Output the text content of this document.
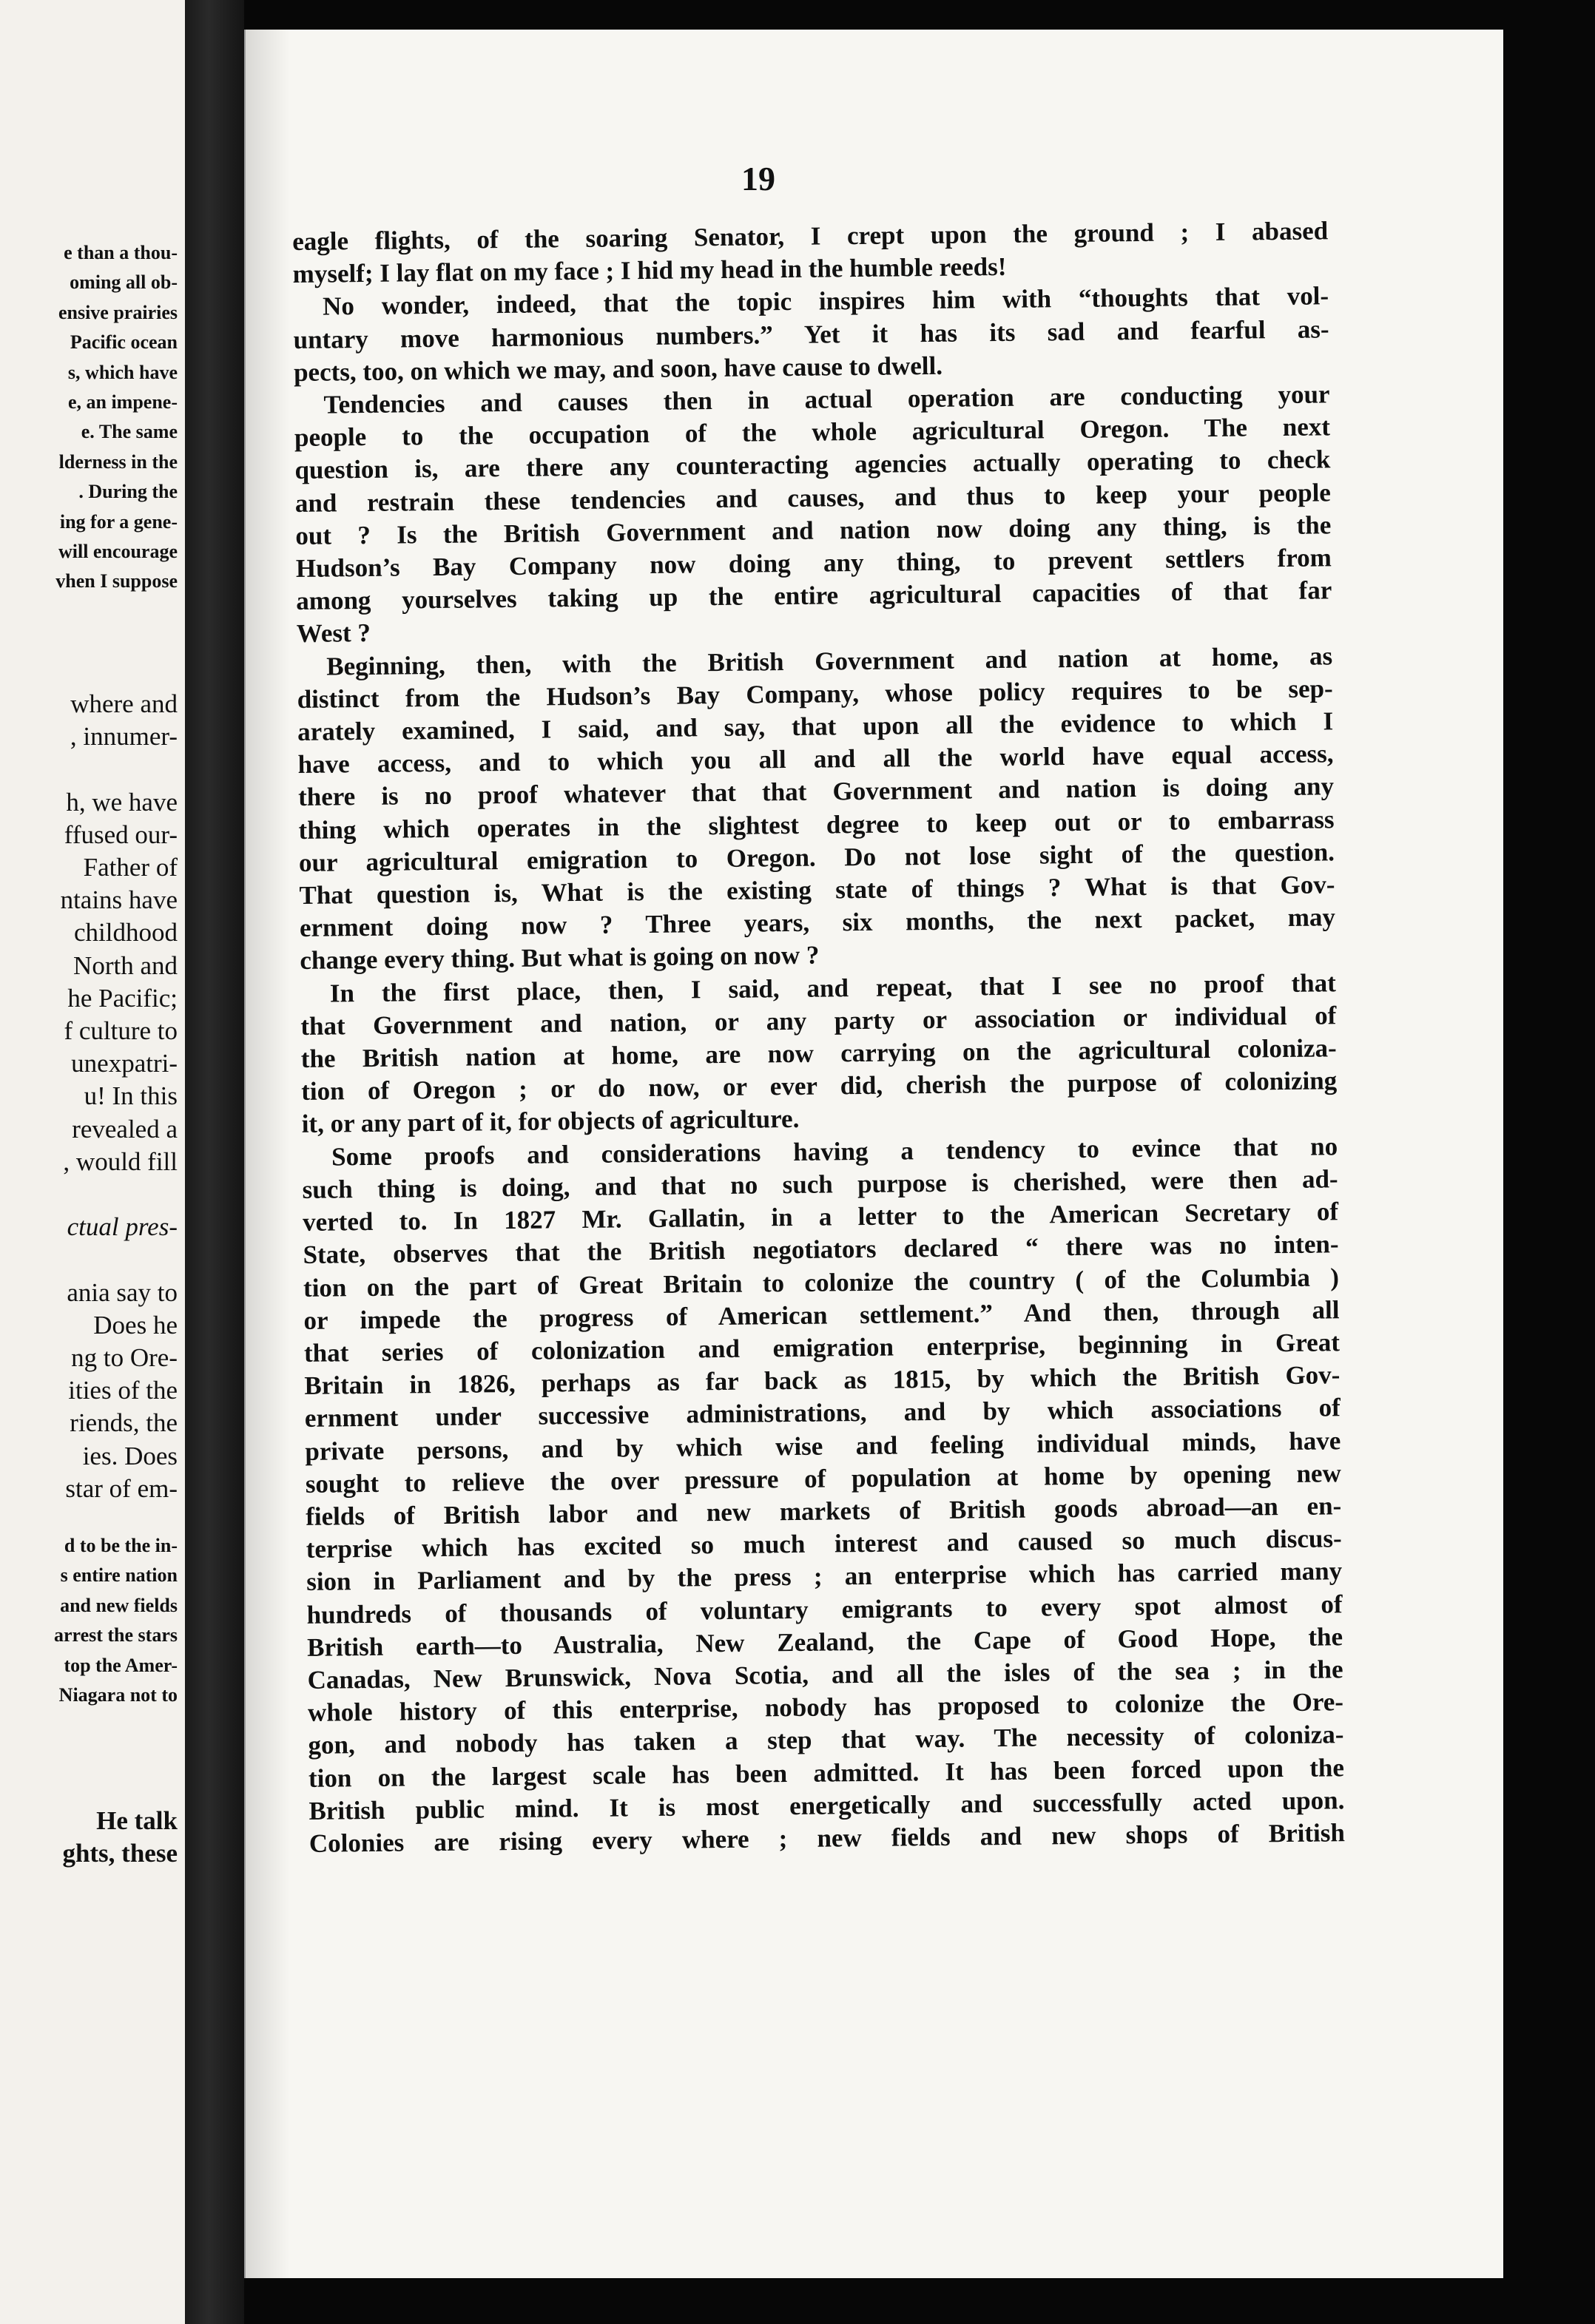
e than a thou-
oming all ob-
ensive prairies
Pacific ocean
s, which have
e, an impene-
e. The same
lderness in the
. During the
ing for a gene-
will encourage
vhen I suppose
where and
, innumer-

h, we have
ffused our-
Father of
ntains have
childhood
North and
he Pacific;
f culture to
unexpatri-
u! In this
revealed a
, would fill

ctual pres-

ania say to
Does he
ng to Ore-
ities of the
riends, the
ies. Does
star of em-
d to be the in-
s entire nation
and new fields
arrest the stars
top the Amer-
Niagara not to
He talk
ghts, these
19
eagle flights, of the soaring Senator, I crept upon the ground ; I abased
myself; I lay flat on my face ; I hid my head in the humble reeds!
No wonder, indeed, that the topic inspires him with “thoughts that vol-
untary move harmonious numbers.” Yet it has its sad and fearful as-
pects, too, on which we may, and soon, have cause to dwell.
Tendencies and causes then in actual operation are conducting your
people to the occupation of the whole agricultural Oregon. The next
question is, are there any counteracting agencies actually operating to check
and restrain these tendencies and causes, and thus to keep your people
out ? Is the British Government and nation now doing any thing, is the
Hudson’s Bay Company now doing any thing, to prevent settlers from
among yourselves taking up the entire agricultural capacities of that far
West ?
Beginning, then, with the British Government and nation at home, as
distinct from the Hudson’s Bay Company, whose policy requires to be sep-
arately examined, I said, and say, that upon all the evidence to which I
have access, and to which you all and all the world have equal access,
there is no proof whatever that that Government and nation is doing any
thing which operates in the slightest degree to keep out or to embarrass
our agricultural emigration to Oregon. Do not lose sight of the question.
That question is, What is the existing state of things ? What is that Gov-
ernment doing now ? Three years, six months, the next packet, may
change every thing. But what is going on now ?
In the first place, then, I said, and repeat, that I see no proof that
that Government and nation, or any party or association or individual of
the British nation at home, are now carrying on the agricultural coloniza-
tion of Oregon ; or do now, or ever did, cherish the purpose of colonizing
it, or any part of it, for objects of agriculture.
Some proofs and considerations having a tendency to evince that no
such thing is doing, and that no such purpose is cherished, were then ad-
verted to. In 1827 Mr. Gallatin, in a letter to the American Secretary of
State, observes that the British negotiators declared “ there was no inten-
tion on the part of Great Britain to colonize the country ( of the Columbia )
or impede the progress of American settlement.” And then, through all
that series of colonization and emigration enterprise, beginning in Great
Britain in 1826, perhaps as far back as 1815, by which the British Gov-
ernment under successive administrations, and by which associations of
private persons, and by which wise and feeling individual minds, have
sought to relieve the over pressure of population at home by opening new
fields of British labor and new markets of British goods abroad—an en-
terprise which has excited so much interest and caused so much discus-
sion in Parliament and by the press ; an enterprise which has carried many
hundreds of thousands of voluntary emigrants to every spot almost of
British earth—to Australia, New Zealand, the Cape of Good Hope, the
Canadas, New Brunswick, Nova Scotia, and all the isles of the sea ; in the
whole history of this enterprise, nobody has proposed to colonize the Ore-
gon, and nobody has taken a step that way. The necessity of coloniza-
tion on the largest scale has been admitted. It has been forced upon the
British public mind. It is most energetically and successfully acted upon.
Colonies are rising every where ; new fields and new shops of British
